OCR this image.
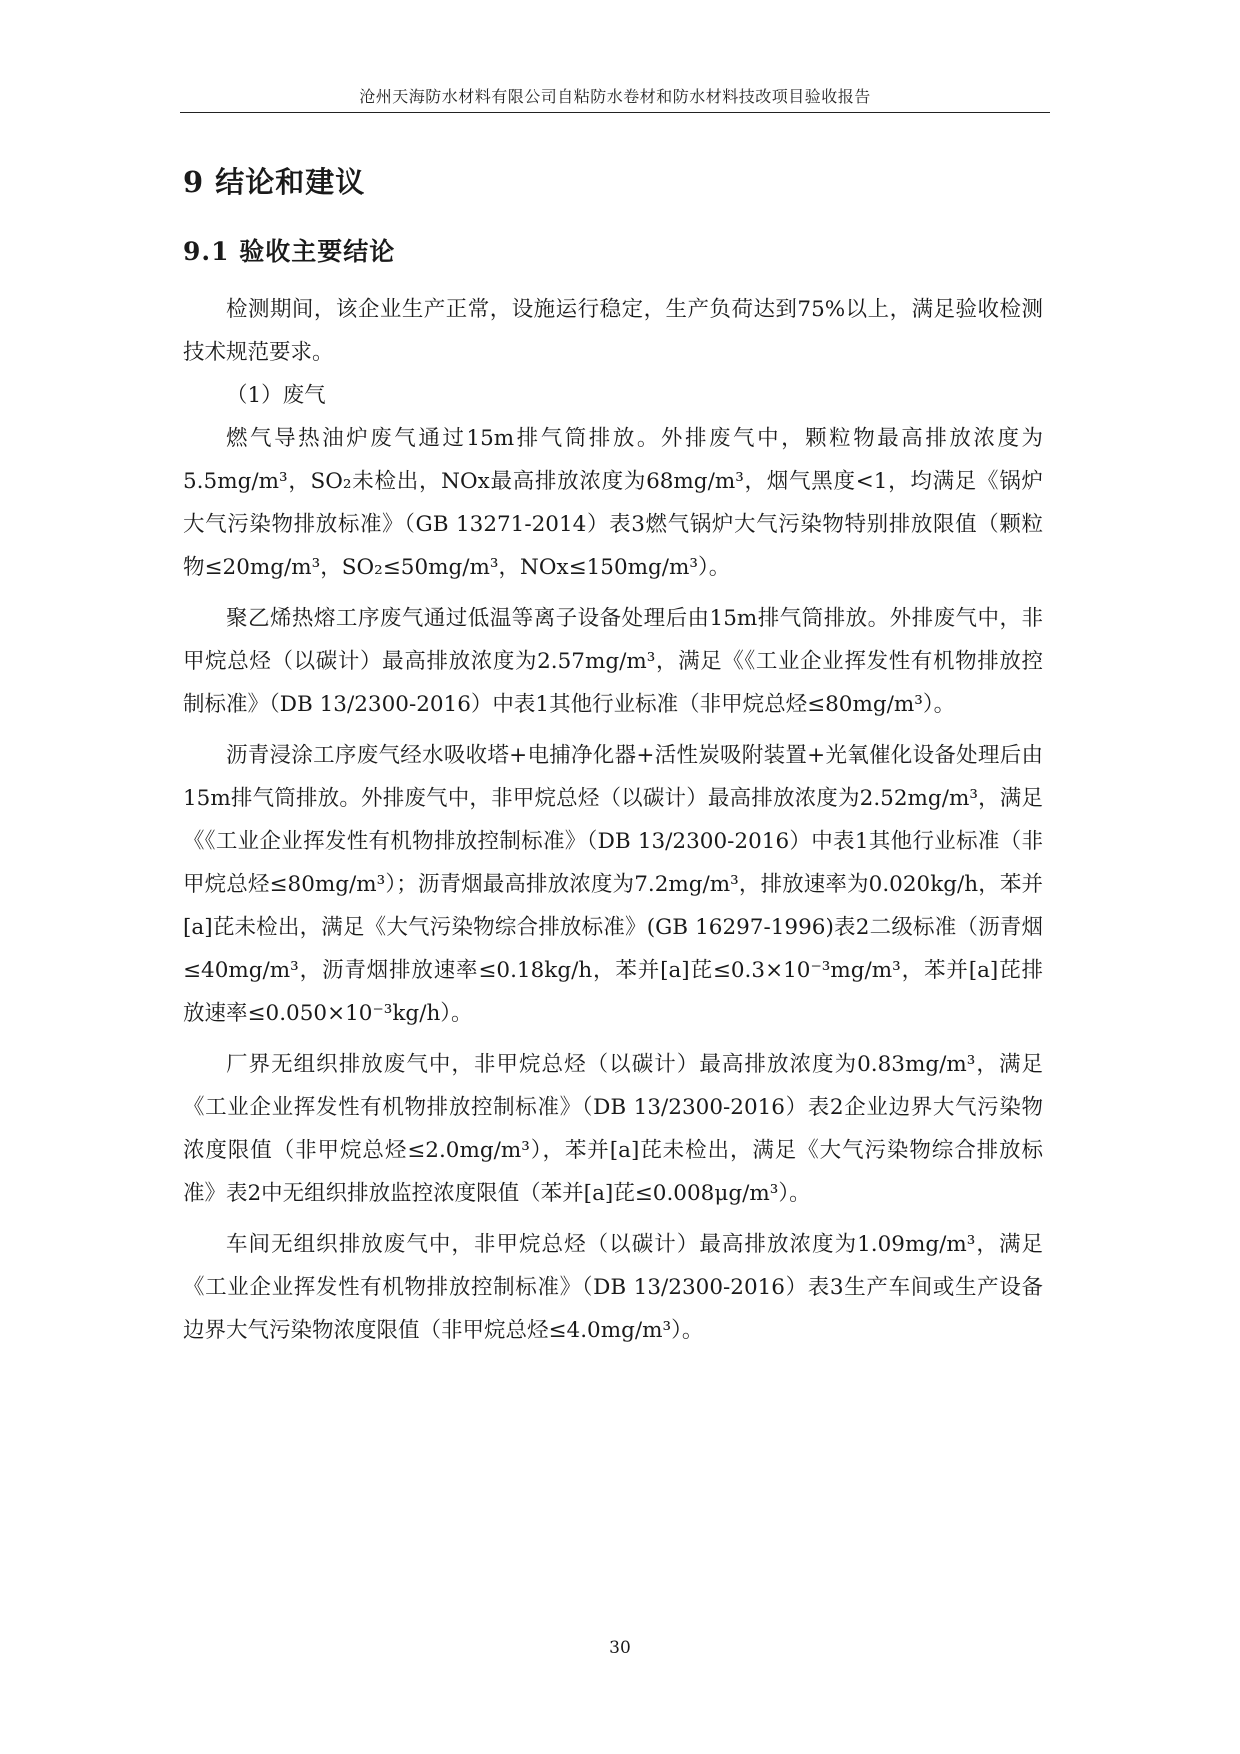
沧州天海防水材料有限公司自粘防水卷材和防水材料技改项目验收报告
9 结论和建议
9.1 验收主要结论

检测期间，该企业生产正常，设施运行稳定，生产负荷达到75%以上，满足验收检测技术规范要求。

（1）废气

燃气导热油炉废气通过15m排气筒排放。外排废气中，颗粒物最高排放浓度为5.5mg/m³，SO₂未检出，NOx最高排放浓度为68mg/m³，烟气黑度<1，均满足《锅炉大气污染物排放标准》（GB 13271-2014）表3燃气锅炉大气污染物特别排放限值（颗粒物≤20mg/m³，SO₂≤50mg/m³，NOx≤150mg/m³）。

聚乙烯热熔工序废气通过低温等离子设备处理后由15m排气筒排放。外排废气中，非甲烷总烃（以碳计）最高排放浓度为2.57mg/m³，满足《《工业企业挥发性有机物排放控制标准》（DB 13/2300-2016）中表1其他行业标准（非甲烷总烃≤80mg/m³）。

沥青浸涂工序废气经水吸收塔+电捕净化器+活性炭吸附装置+光氧催化设备处理后由15m排气筒排放。外排废气中，非甲烷总烃（以碳计）最高排放浓度为2.52mg/m³，满足《《工业企业挥发性有机物排放控制标准》（DB 13/2300-2016）中表1其他行业标准（非甲烷总烃≤80mg/m³）；沥青烟最高排放浓度为7.2mg/m³，排放速率为0.020kg/h，苯并[a]芘未检出，满足《大气污染物综合排放标准》(GB 16297-1996)表2二级标准（沥青烟≤40mg/m³，沥青烟排放速率≤0.18kg/h，苯并[a]芘≤0.3×10⁻³mg/m³，苯并[a]芘排放速率≤0.050×10⁻³kg/h）。

厂界无组织排放废气中，非甲烷总烃（以碳计）最高排放浓度为0.83mg/m³，满足《工业企业挥发性有机物排放控制标准》（DB 13/2300-2016）表2企业边界大气污染物浓度限值（非甲烷总烃≤2.0mg/m³），苯并[a]芘未检出，满足《大气污染物综合排放标准》表2中无组织排放监控浓度限值（苯并[a]芘≤0.008μg/m³）。

车间无组织排放废气中，非甲烷总烃（以碳计）最高排放浓度为1.09mg/m³，满足《工业企业挥发性有机物排放控制标准》（DB 13/2300-2016）表3生产车间或生产设备边界大气污染物浓度限值（非甲烷总烃≤4.0mg/m³）。

30
